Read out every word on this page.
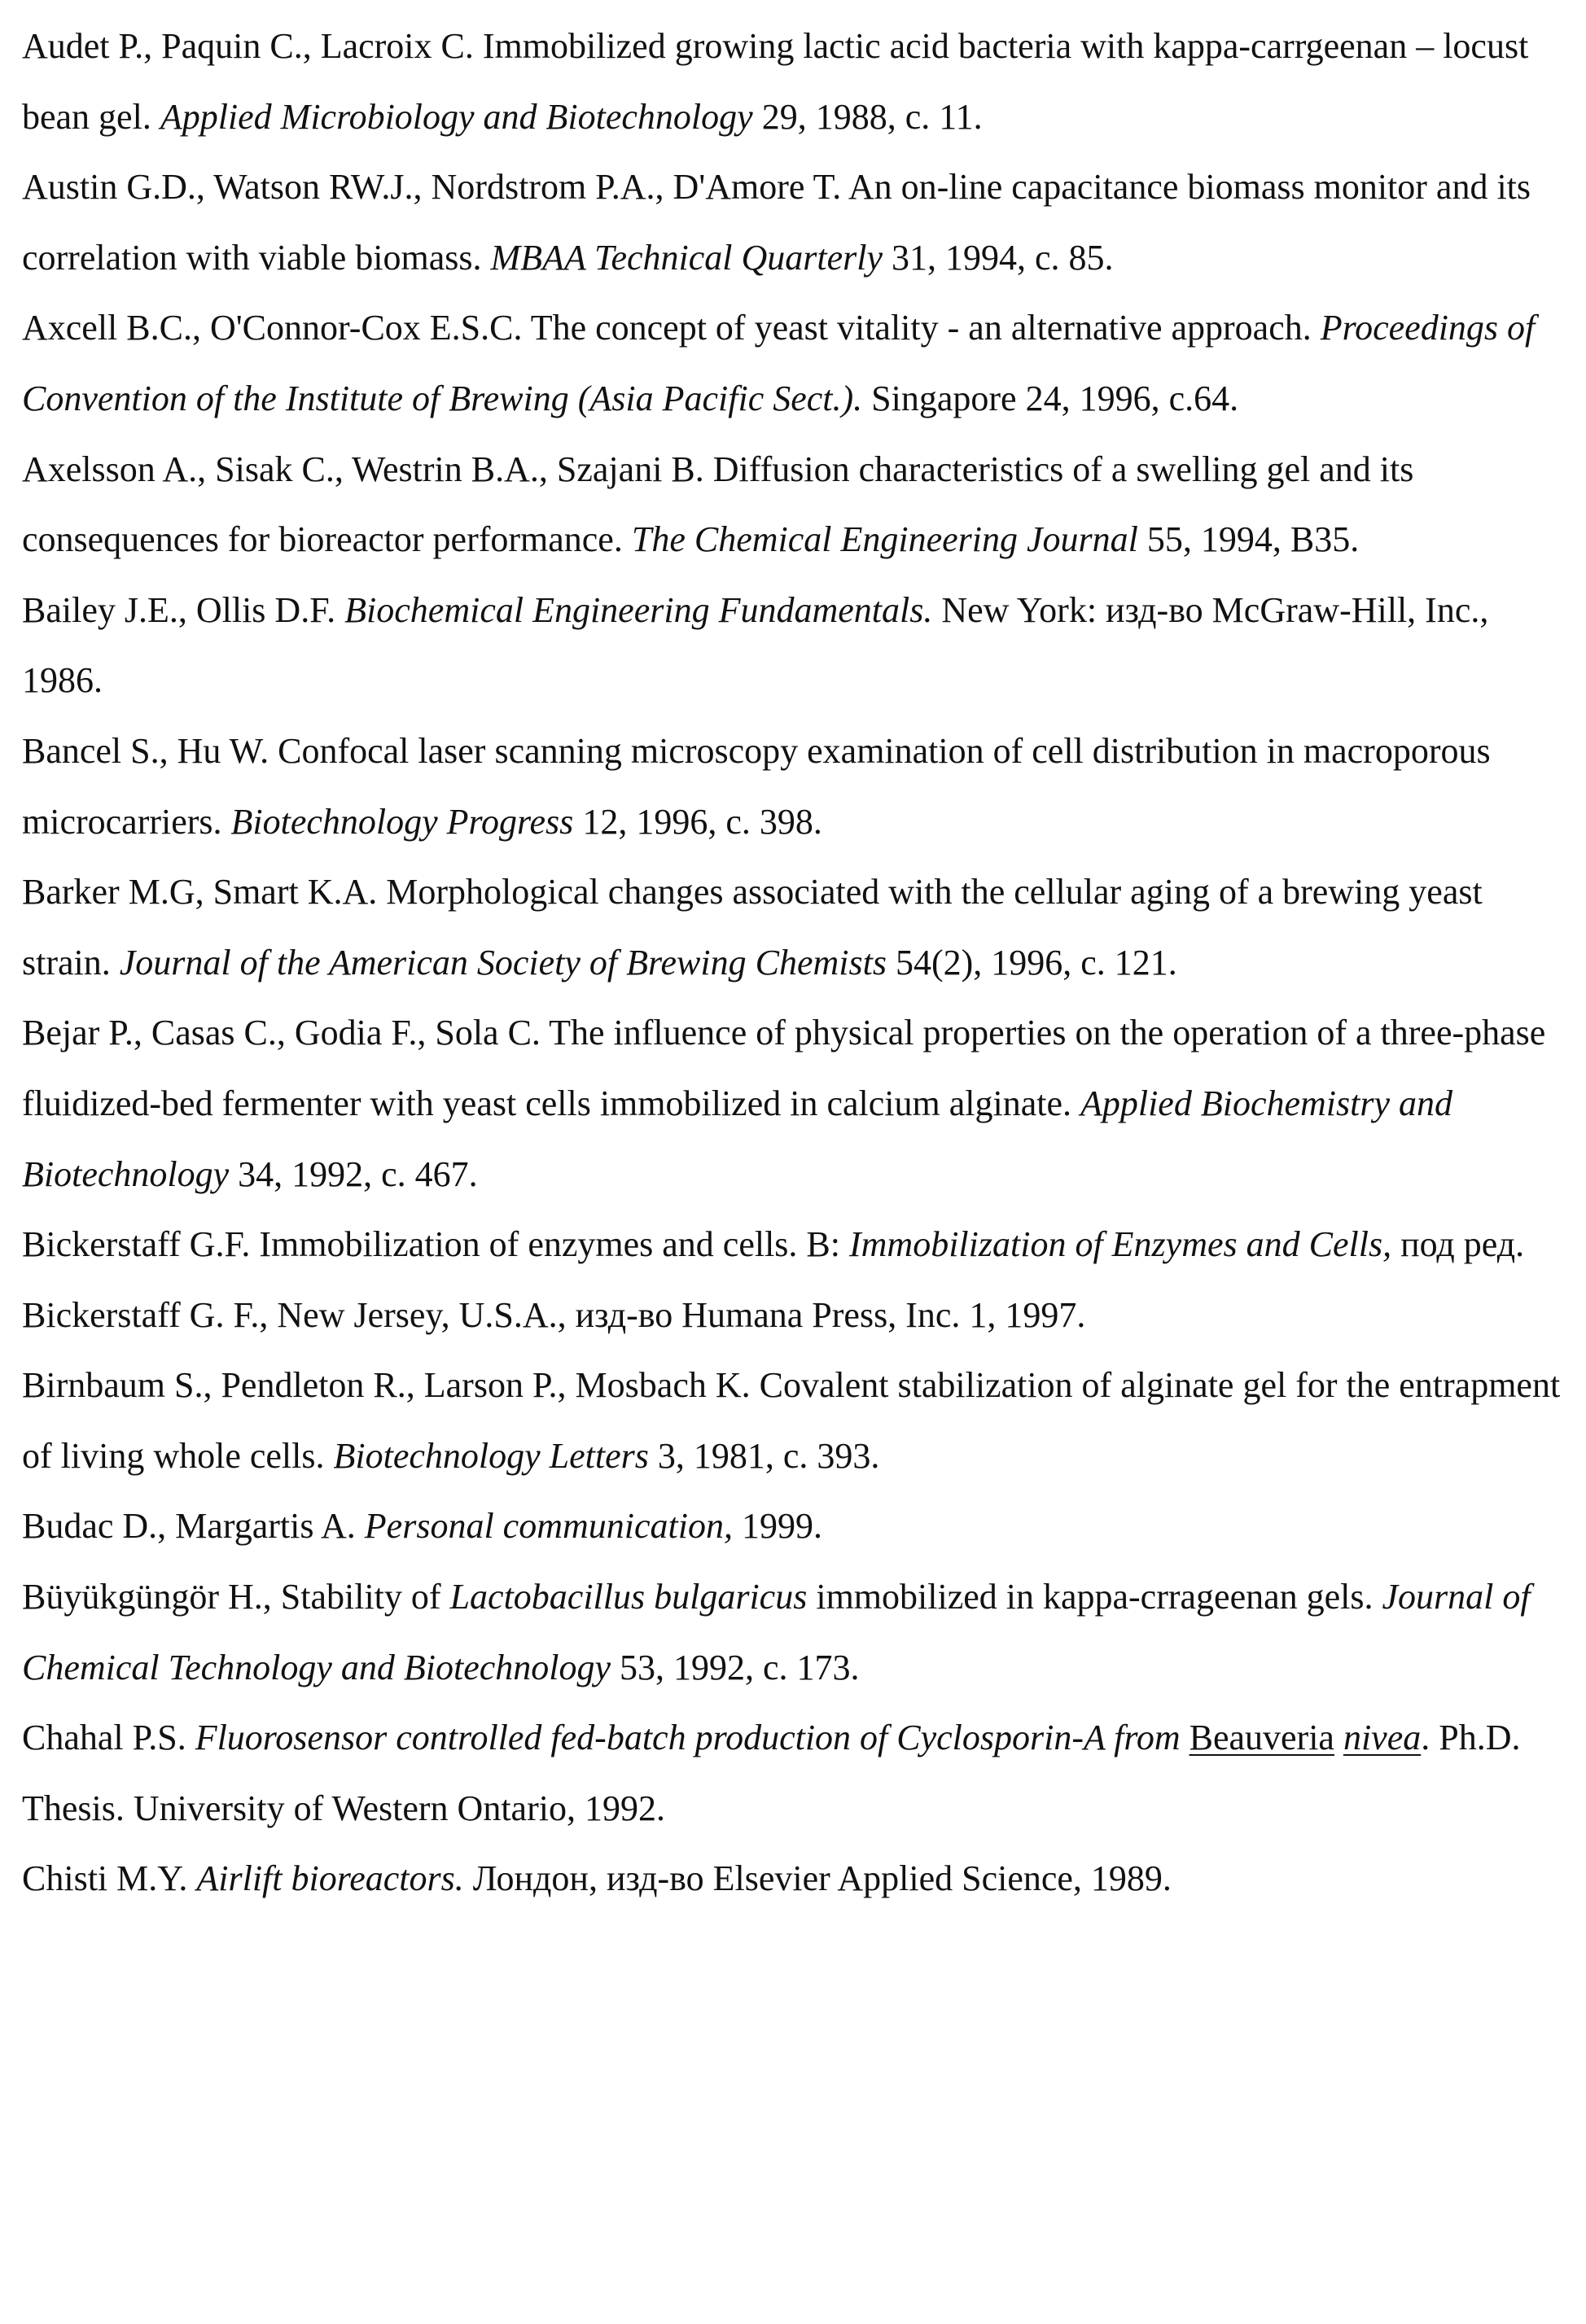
Audet P., Paquin C., Lacroix C. Immobilized growing lactic acid bacteria with kappa-carrgeenan – locust bean gel. Applied Microbiology and Biotechnology 29, 1988, c. 11.

Austin G.D., Watson RW.J., Nordstrom P.A., D'Amore T. An on-line capacitance biomass monitor and its correlation with viable biomass. MBAA Technical Quarterly 31, 1994, c. 85.

Axcell B.C., O'Connor-Cox E.S.C. The concept of yeast vitality - an alternative approach. Proceedings of Convention of the Institute of Brewing (Asia Pacific Sect.). Singapore 24, 1996, c.64.

Axelsson A., Sisak C., Westrin B.A., Szajani B. Diffusion characteristics of a swelling gel and its consequences for bioreactor performance. The Chemical Engineering Journal 55, 1994, B35.

Bailey J.E., Ollis D.F. Biochemical Engineering Fundamentals. New York: изд-во McGraw-Hill, Inc., 1986.

Bancel S., Hu W. Confocal laser scanning microscopy examination of cell distribution in macroporous microcarriers. Biotechnology Progress 12, 1996, c. 398.

Barker M.G, Smart K.A. Morphological changes associated with the cellular aging of a brewing yeast strain. Journal of the American Society of Brewing Chemists 54(2), 1996, c. 121.

Bejar P., Casas C., Godia F., Sola C. The influence of physical properties on the operation of a three-phase fluidized-bed fermenter with yeast cells immobilized in calcium alginate. Applied Biochemistry and Biotechnology 34, 1992, c. 467.

Bickerstaff G.F. Immobilization of enzymes and cells. B: Immobilization of Enzymes and Cells, под ред. Bickerstaff G. F., New Jersey, U.S.A., изд-во Humana Press, Inc. 1, 1997.

Birnbaum S., Pendleton R., Larson P., Mosbach K. Covalent stabilization of alginate gel for the entrapment of living whole cells. Biotechnology Letters 3, 1981, c. 393.

Budac D., Margartis A. Personal communication, 1999.

Büyükgüngör H., Stability of Lactobacillus bulgaricus immobilized in kappa-crrageenan gels. Journal of Chemical Technology and Biotechnology 53, 1992, c. 173.

Chahal P.S. Fluorosensor controlled fed-batch production of Cyclosporin-A from Beauveria nivea. Ph.D. Thesis. University of Western Ontario, 1992.

Chisti M.Y. Airlift bioreactors. Лондон, изд-во Elsevier Applied Science, 1989.
